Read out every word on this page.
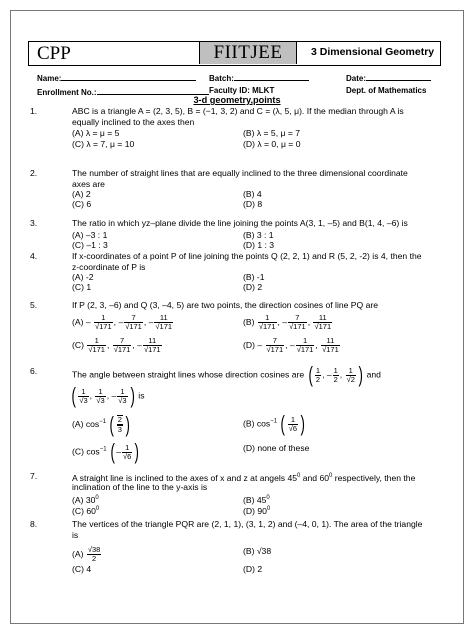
CPP	FIITJEE	3 Dimensional Geometry
Name:	Batch:	Date:
Enrollment No.:	Faculty ID: MLKT	Dept. of Mathematics
3-d geometry,points
1.	ABC is a triangle A = (2, 3, 5), B = (−1, 3, 2) and C = (λ, 5, μ). If the median through A is
equally inclined to the axes then
(A) λ = μ = 5	(B) λ = 5, μ = 7
(C) λ = 7, μ = 10	(D) λ = 0, μ = 0
2.	The number of straight lines that are equally inclined to the three dimensional coordinate
axes are
(A) 2	(B) 4
(C) 6	(D) 8
3.	The ratio in which yz–plane divide the line joining the points A(3, 1, –5) and B(1, 4, –6) is
(A) –3 : 1	(B) 3 : 1
(C) –1 : 3	(D) 1 : 3
4.	If x-coordinates of a point P of line joining the points Q (2, 2, 1) and R (5, 2, -2) is 4, then the
z-coordinate of P is
(A) -2	(B) -1
(C) 1	(D) 2
5.	If P (2, 3, –6) and Q (3, –4, 5) are two points, the direction cosines of line PQ are
$(A) - \frac{1}{√171}$ , – $\frac{7}{√171}$ , – $\frac{11}{√171}$	$(B) \frac{1}{√171}$ , – $\frac{7}{√171}$ , $\frac{11}{√171}$
$(C) \frac{1}{√171}$ , $\frac{7}{√171}$ , – $\frac{11}{√171}$	$(D) - \frac{7}{√171}$ , – $\frac{1}{√171}$ , $\frac{11}{√171}$
6.	The angle between straight lines whose direction cosines are ( $\frac{1}{2}$ , – $\frac{1}{2}$ , $\frac{1}{√2}$ ) and
( $\frac{1}{√3}$ , $\frac{1}{√3}$ , – $\frac{1}{√3}$ ) is
(A) $\cos^{-1}$ ( $\frac{2}{3}$ )	(B) $\cos^{-1}$ ( $\frac{1}{√6}$ )
(C) $\cos^{-1}$ (– $\frac{1}{√6}$ )	(D) none of these
7.	A straight line is inclined to the axes of x and z at angels $45^0$ and $60^0$ respectively, then the
inclination of the line to the y-axis is
(A) $30^0$	(B) $45^0$
(C) $60^0$	(D) $90^0$
8.	The vertices of the triangle PQR are (2, 1, 1), (3, 1, 2) and (–4, 0, 1). The area of the triangle
is
$(A) \frac{√38}{2}$	(B) √38
(C) 4	(D) 2
